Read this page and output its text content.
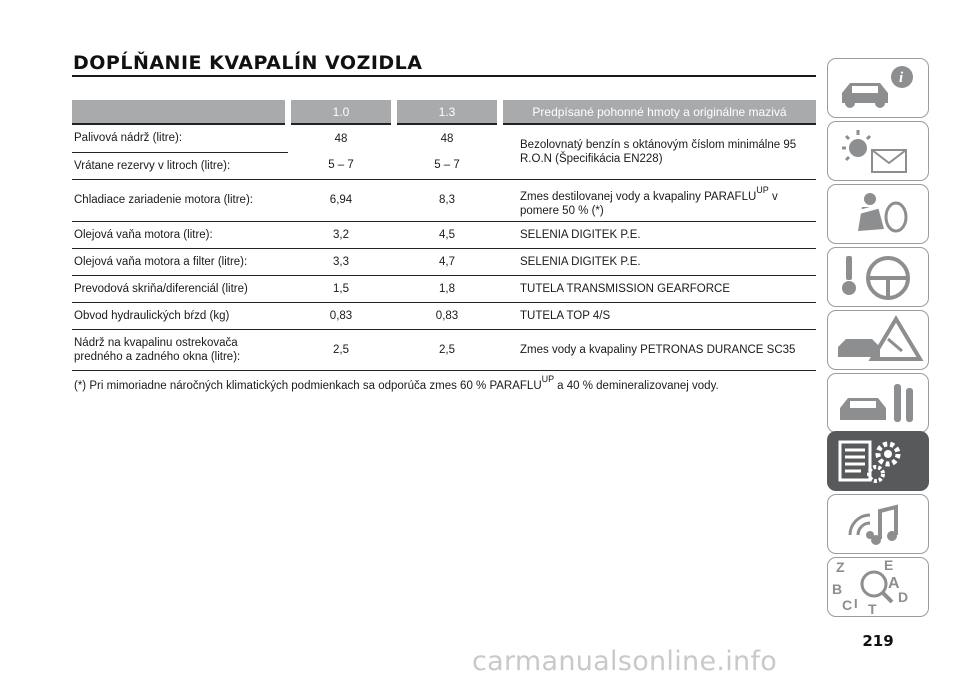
DOPĹŇANIE KVAPALÍN VOZIDLA
	1.0	1.3	Predpísané pohonné hmoty a originálne mazivá
Palivová nádrž (litre):	48	48	Bezolovnatý benzín s oktánovým číslom minimálne 95
R.O.N (Špecifikácia EN228)
Vrátane rezervy v litroch (litre):	5 – 7	5 – 7	
Chladiace zariadenie motora (litre):	6,94	8,3	Zmes destilovanej vody a kvapaliny $PARAFLU^{UP}$ v
pomere 50 % (*)
Olejová vaňa motora (litre):	3,2	4,5	SELENIA DIGITEK P.E.
Olejová vaňa motora a filter (litre):	3,3	4,7	SELENIA DIGITEK P.E.
Prevodová skriňa/diferenciál (litre)	1,5	1,8	TUTELA TRANSMISSION GEARFORCE
Obvod hydraulických bŕzd (kg)	0,83	0,83	TUTELA TOP 4/S
Nádrž na kvapalinu ostrekovača
predného a zadného okna (litre):	2,5	2,5	Zmes vody a kvapaliny PETRONAS DURANCE SC35
(*) Pri mimoriadne náročných klimatických podmienkach sa odporúča zmes 60 % $PARAFLU^{UP}a$ 40 % demineralizovanej vody.
i
Z	E
B	A
C	D
T
I
219
carmanualsonline.info
